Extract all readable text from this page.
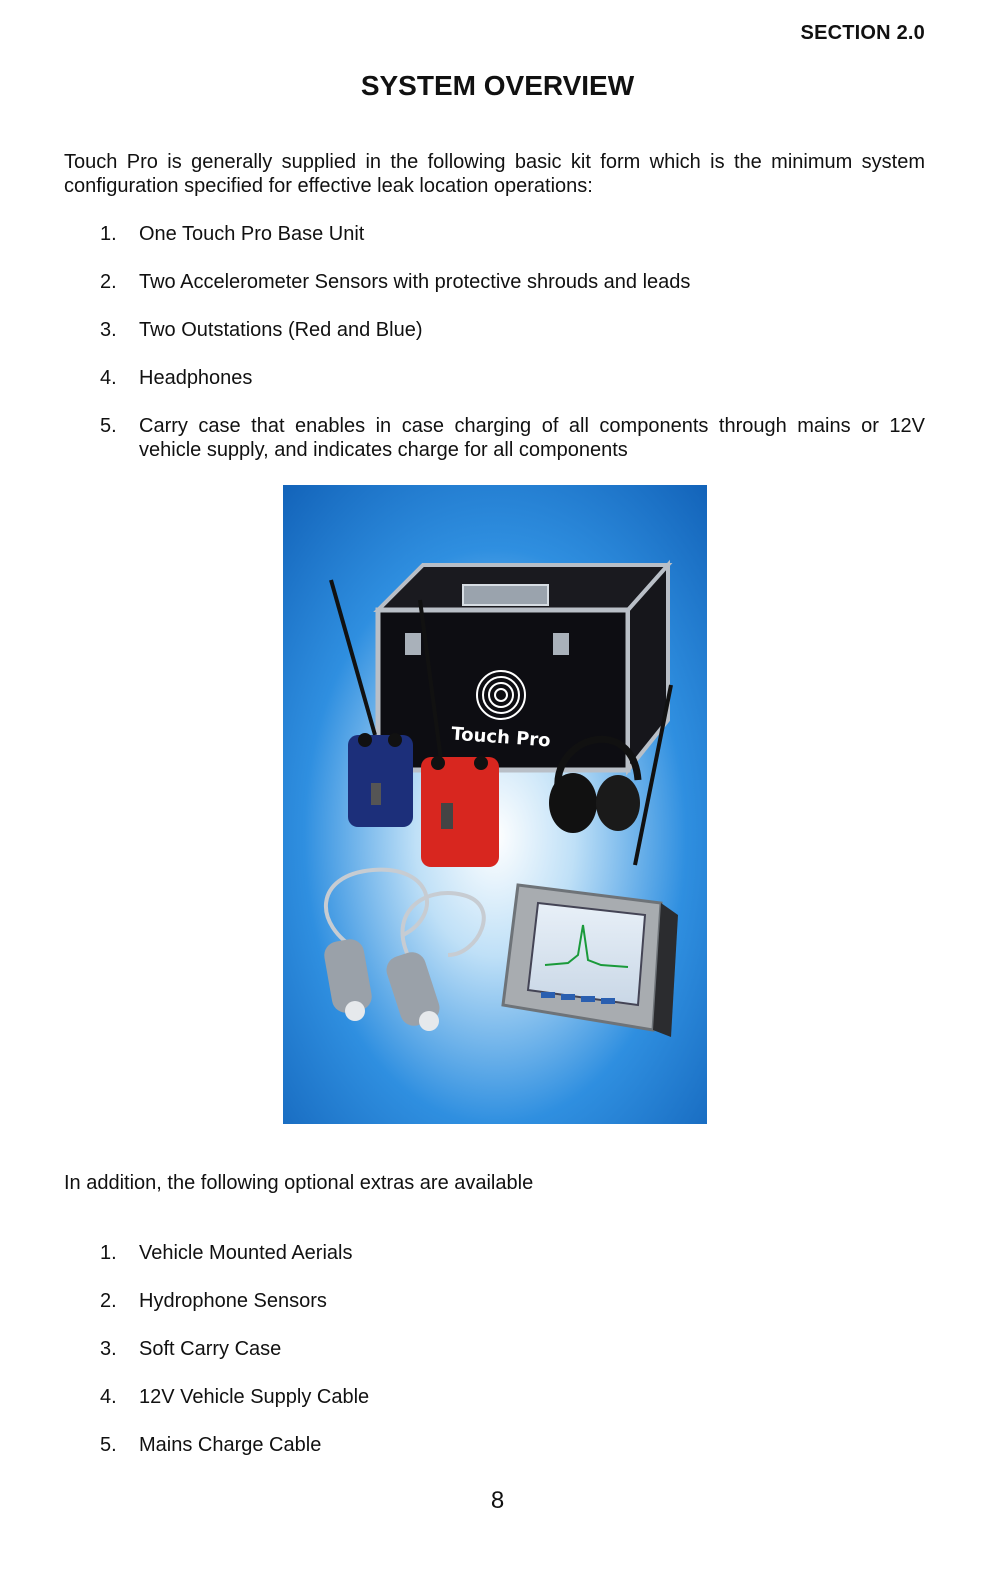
SECTION 2.0
SYSTEM OVERVIEW

Touch Pro is generally supplied in the following basic kit form which is the minimum system configuration specified for effective leak location operations:

1.	One Touch Pro Base Unit
2.	Two Accelerometer Sensors with protective shrouds and leads
3.	Two Outstations (Red and Blue)
4.	Headphones
5.	Carry case that enables in case charging of all components through mains or 12V vehicle supply, and indicates charge for all components
Touch Pro

In addition, the following optional extras are available

1.	Vehicle Mounted Aerials
2.	Hydrophone Sensors
3.	Soft Carry Case
4.	12V Vehicle Supply Cable
5.	Mains Charge Cable
8
